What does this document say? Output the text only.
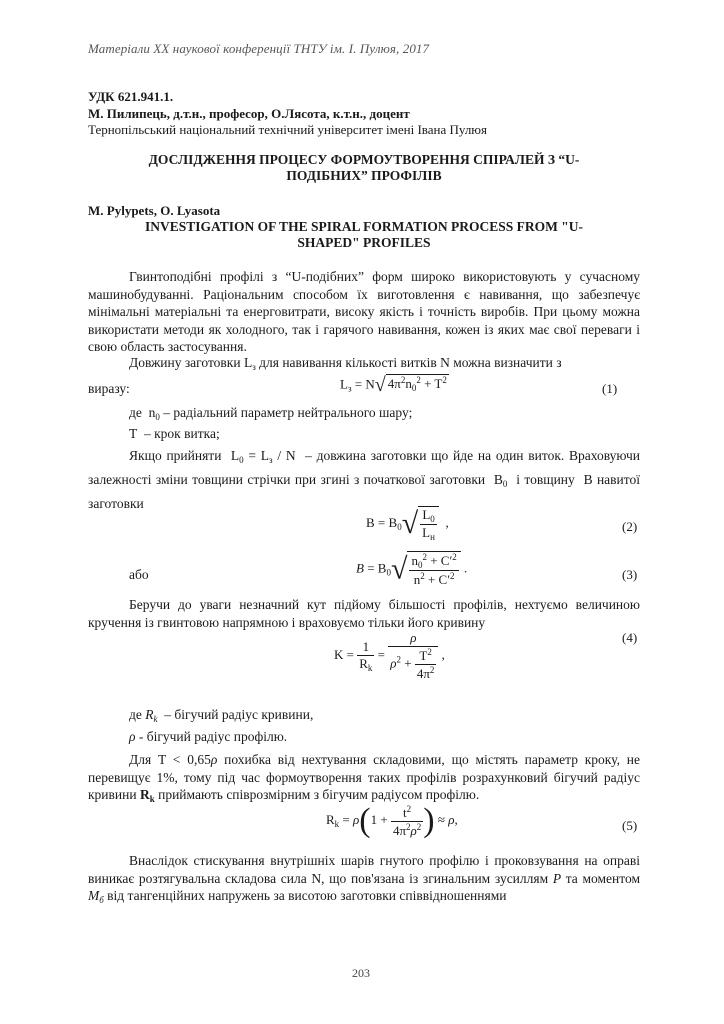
Матеріали XX наукової конференції ТНТУ ім. І. Пулюя, 2017
УДК 621.941.1.
М. Пилипець, д.т.н., професор, О.Лясота, к.т.н., доцент
Тернопільський національний технічний університет імені Івана Пулюя
ДОСЛІДЖЕННЯ ПРОЦЕСУ ФОРМОУТВОРЕННЯ СПІРАЛЕЙ З “U-
ПОДІБНИХ” ПРОФІЛІВ
M. Pylypets, O. Lyasota
INVESTIGATION OF THE SPIRAL FORMATION PROCESS FROM "U-
SHAPED" PROFILES
Гвинтоподібні профілі з “U-подібних” форм широко використовують у сучасному машинобудуванні. Раціональним способом їх виготовлення є навивання, що забезпечує мінімальні матеріальні та енерговитрати, високу якість і точність виробів. При цьому можна використати методи як холодного, так і гарячого навивання, кожен із яких має свої переваги і свою область застосування.
Довжину заготовки $L_з$ для навивання кількості витків N можна визначити з
виразу:	$L_з = N√$ $4\pi^2n_0^2 + T^2$
(1)
де  $n_0$ – радіальний параметр нейтрального шару;
T  – крок витка;
Якщо прийняти  $L_0 = L_з / N$  – довжина заготовки що йде на один виток. Враховуючи залежності зміни товщини стрічки при згині з початкової заготовки  $B_0$ і товщину  B навитої заготовки
$B = B_0√ \frac{L_0}{L_н}$ ,	(2)
або	$B = B_0√ \frac{n_0^2 + C'^2}{n^2 + C'^2}$ .	(3)
Беручи до уваги незначний кут підйому більшості профілів, нехтуємо величиною кручення із гвинтовою напрямною і враховуємо тільки його кривину
$K = \frac{1}{R_k} = \frac{\rho}{\rho^2 + \frac{T^2}{4\pi^2}}$ ,
(4)
де $R_k$ – бігучий радіус кривини,
ρ - бігучий радіус профілю.
Для T < 0,65ρ похибка від нехтування складовими, що містять параметр кроку, не перевищує 1%, тому під час формоутворення таких профілів розрахунковий бігучий радіус кривини $R_k$ приймають співрозмірним з бігучим радіусом профілю.
$R_k = \rho(1 + \frac{t^2}{4\pi^2\rho^2}$ ) ≈ ρ,	(5)
Внаслідок стискування внутрішніх шарів гнутого профілю і проковзування на оправі виникає розтягувальна складова сила N, що пов'язана із згинальним зусиллям P та моментом $M_б$ від тангенційних напружень за висотою заготовки співвідношеннями
203
